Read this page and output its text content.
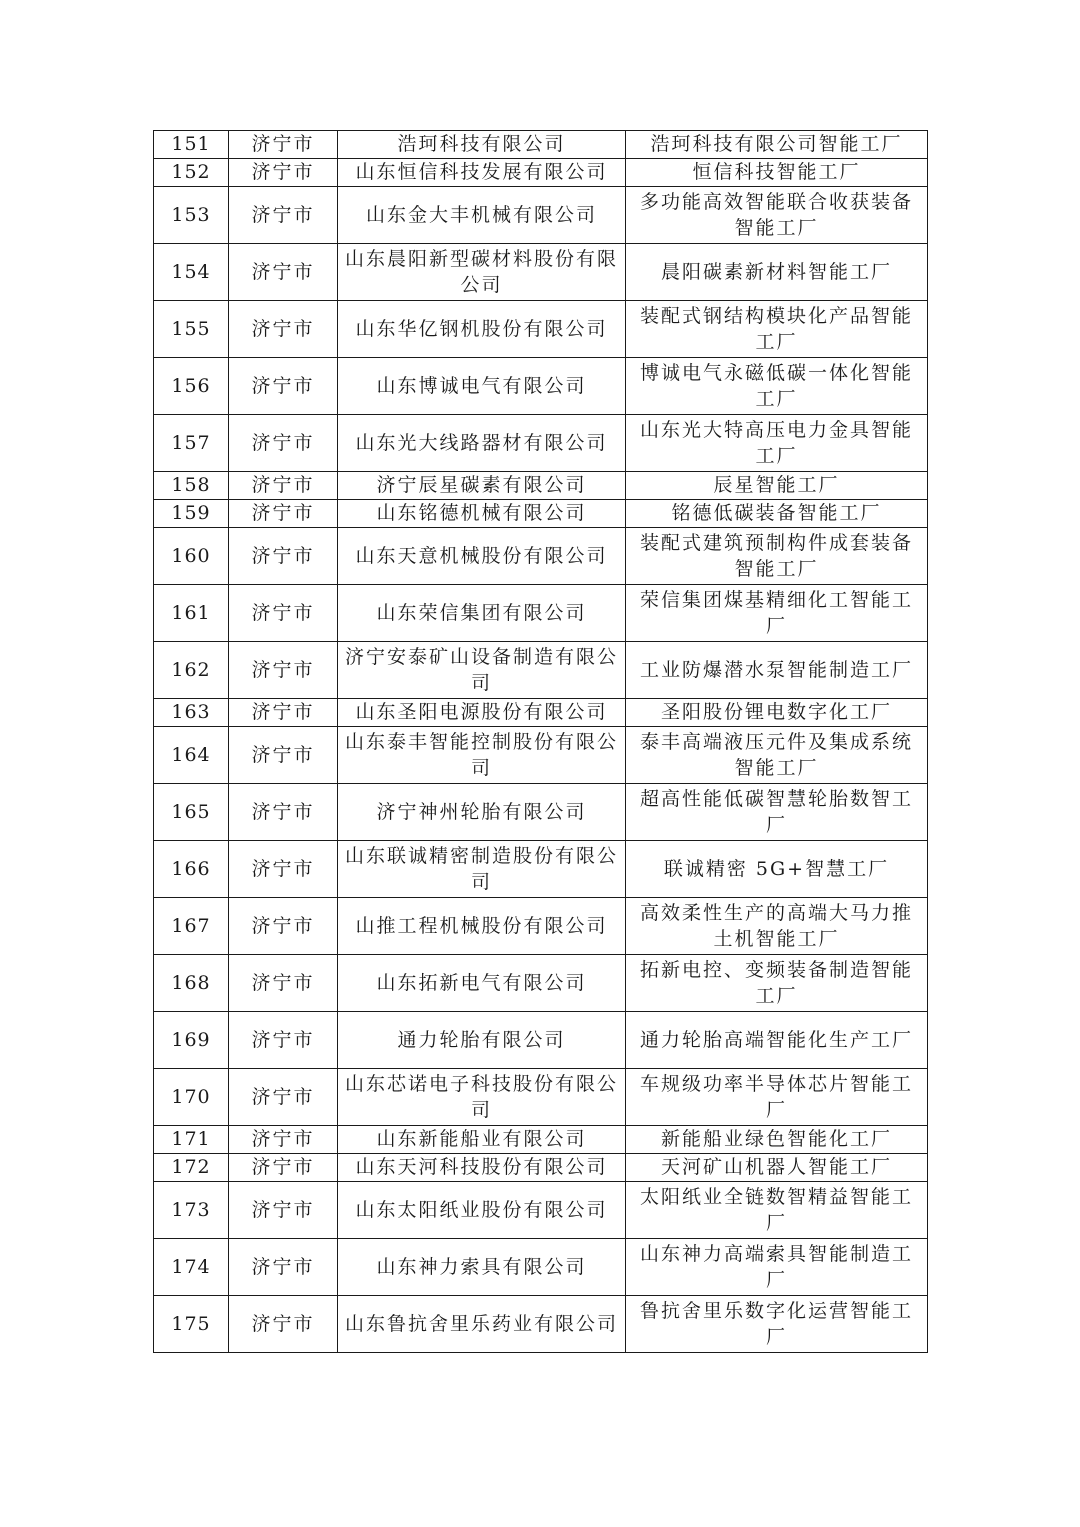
151	济宁市	浩珂科技有限公司	浩珂科技有限公司智能工厂
152	济宁市	山东恒信科技发展有限公司	恒信科技智能工厂
153	济宁市	山东金大丰机械有限公司	多功能高效智能联合收获装备智能工厂
154	济宁市	山东晨阳新型碳材料股份有限公司	晨阳碳素新材料智能工厂
155	济宁市	山东华亿钢机股份有限公司	装配式钢结构模块化产品智能工厂
156	济宁市	山东博诚电气有限公司	博诚电气永磁低碳一体化智能工厂
157	济宁市	山东光大线路器材有限公司	山东光大特高压电力金具智能工厂
158	济宁市	济宁辰星碳素有限公司	辰星智能工厂
159	济宁市	山东铭德机械有限公司	铭德低碳装备智能工厂
160	济宁市	山东天意机械股份有限公司	装配式建筑预制构件成套装备智能工厂
161	济宁市	山东荣信集团有限公司	荣信集团煤基精细化工智能工厂
162	济宁市	济宁安泰矿山设备制造有限公司	工业防爆潜水泵智能制造工厂
163	济宁市	山东圣阳电源股份有限公司	圣阳股份锂电数字化工厂
164	济宁市	山东泰丰智能控制股份有限公司	泰丰高端液压元件及集成系统智能工厂
165	济宁市	济宁神州轮胎有限公司	超高性能低碳智慧轮胎数智工厂
166	济宁市	山东联诚精密制造股份有限公司	联诚精密 5G+智慧工厂
167	济宁市	山推工程机械股份有限公司	高效柔性生产的高端大马力推土机智能工厂
168	济宁市	山东拓新电气有限公司	拓新电控、变频装备制造智能工厂
169	济宁市	通力轮胎有限公司	通力轮胎高端智能化生产工厂
170	济宁市	山东芯诺电子科技股份有限公司	车规级功率半导体芯片智能工厂
171	济宁市	山东新能船业有限公司	新能船业绿色智能化工厂
172	济宁市	山东天河科技股份有限公司	天河矿山机器人智能工厂
173	济宁市	山东太阳纸业股份有限公司	太阳纸业全链数智精益智能工厂
174	济宁市	山东神力索具有限公司	山东神力高端索具智能制造工厂
175	济宁市	山东鲁抗舍里乐药业有限公司	鲁抗舍里乐数字化运营智能工厂
